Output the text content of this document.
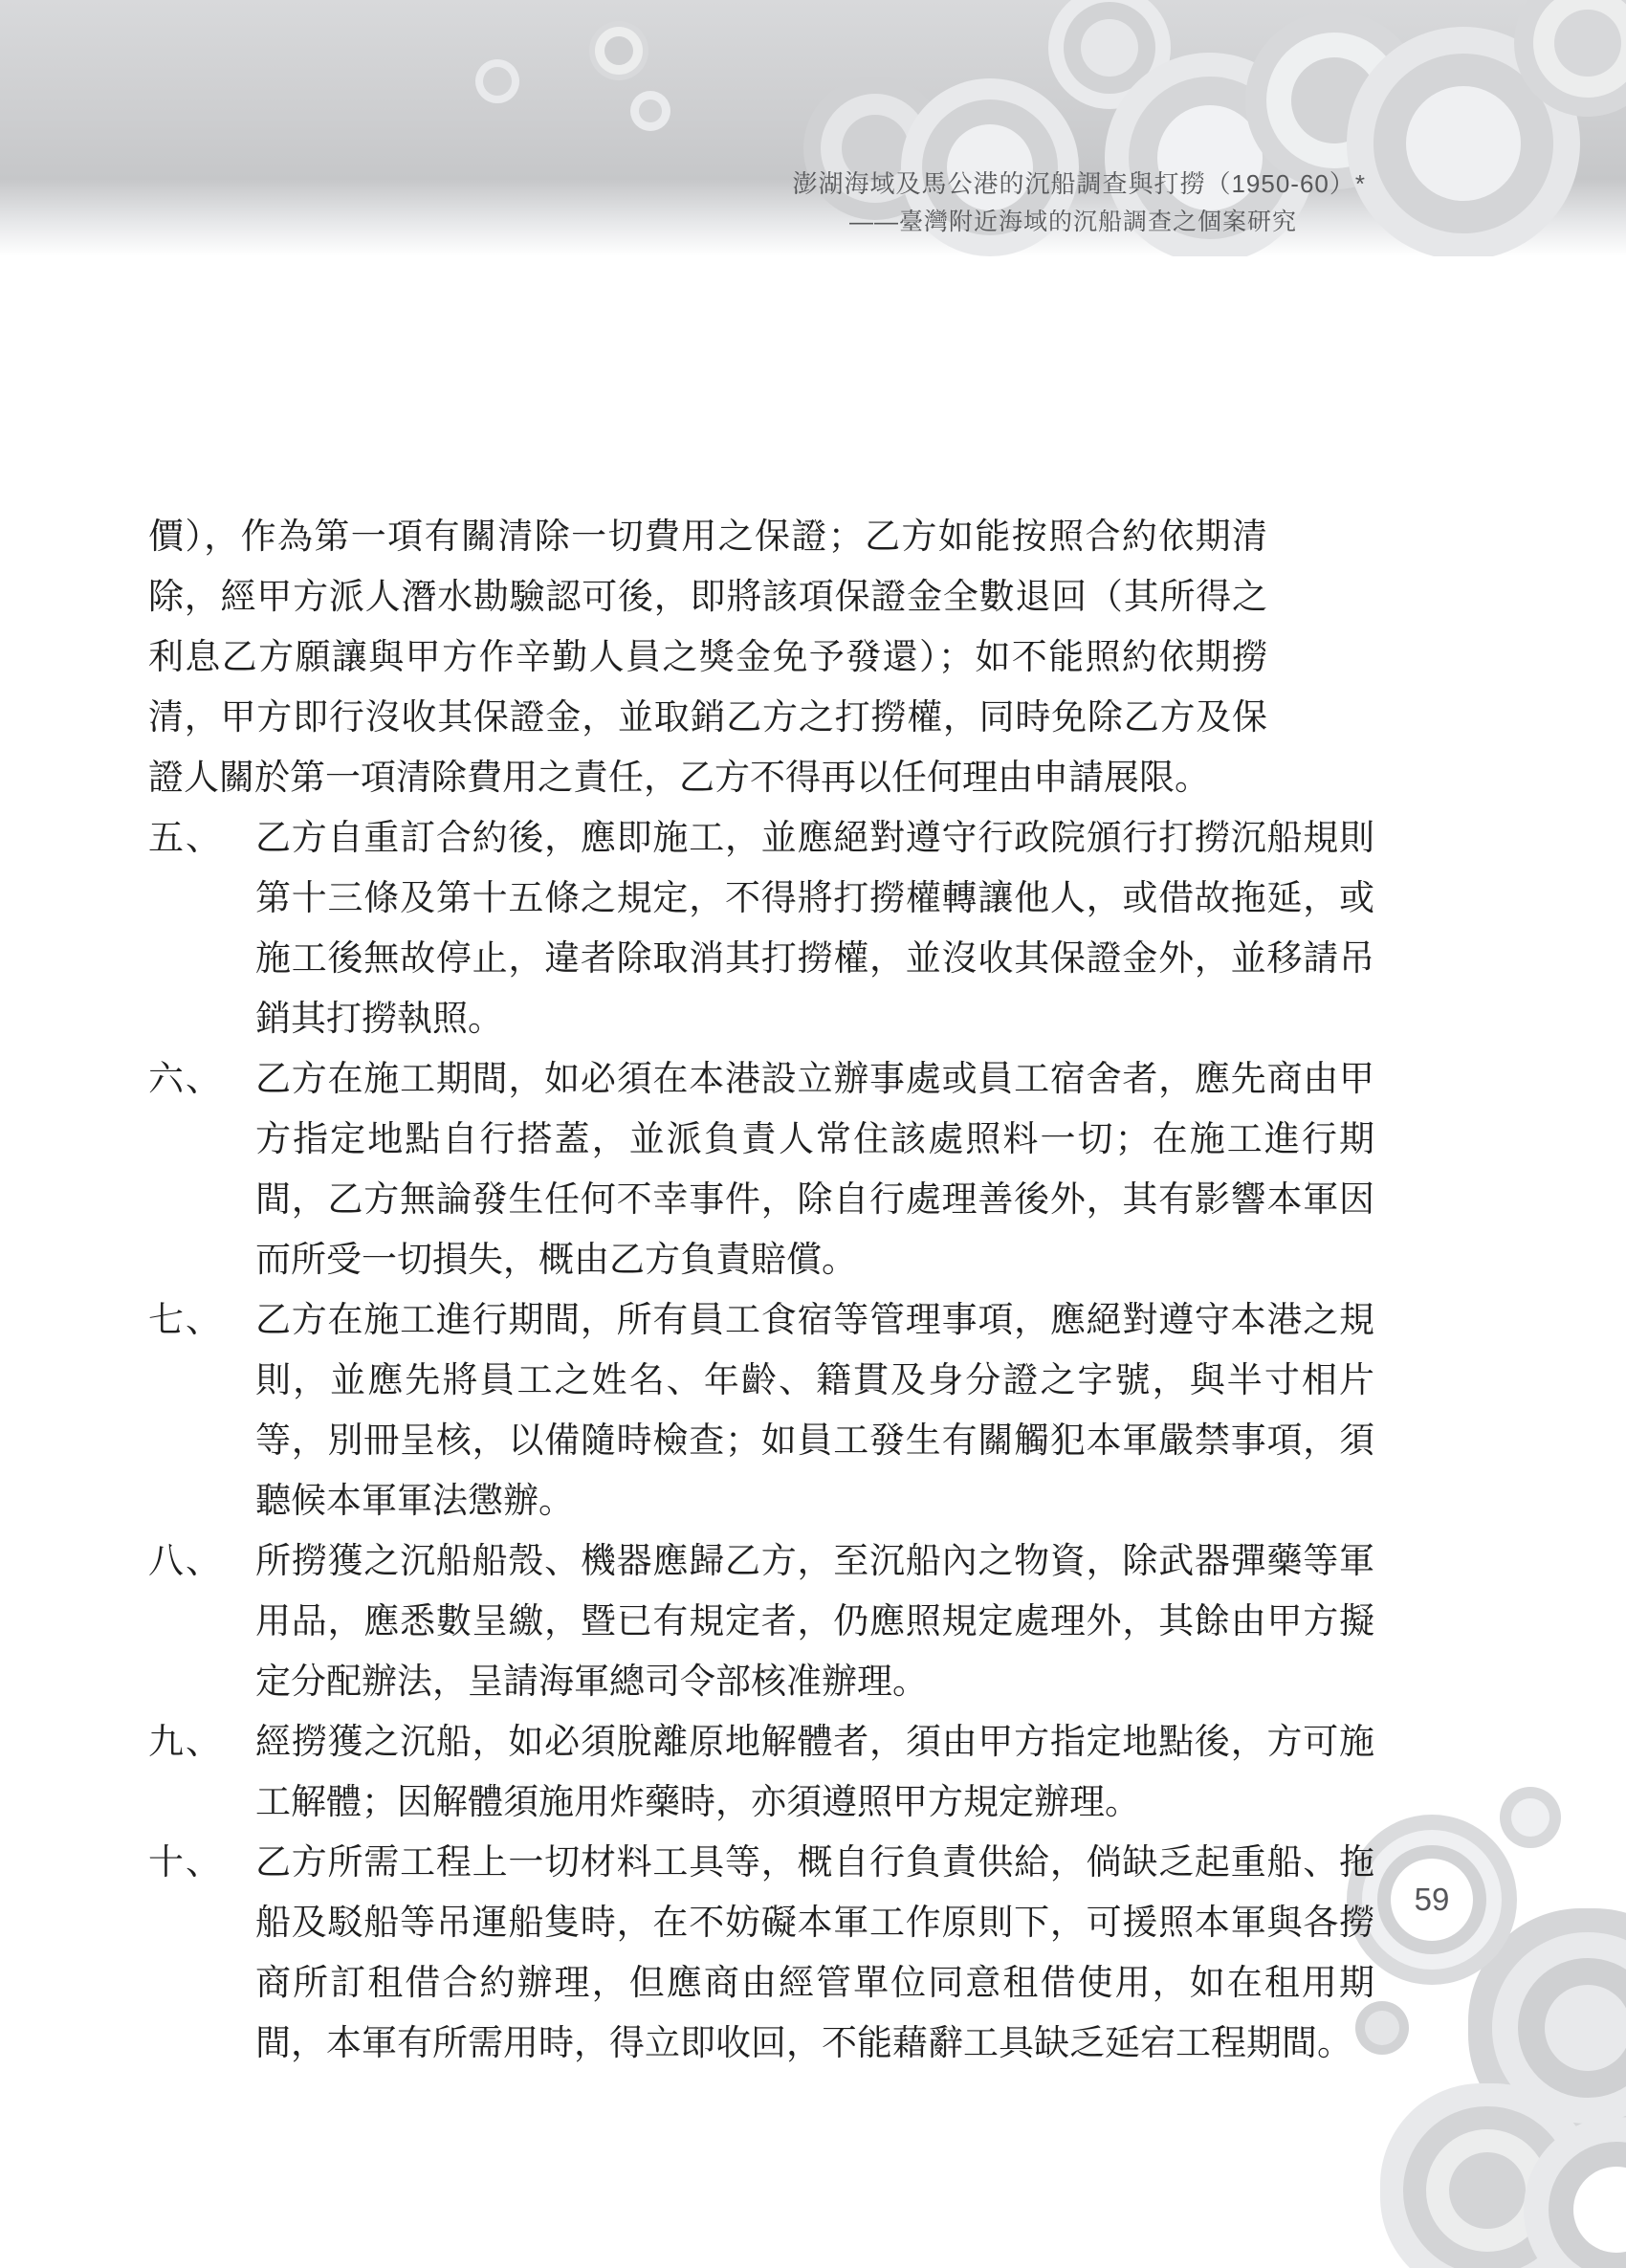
澎湖海域及馬公港的沉船調查與打撈（1950-60）*
――臺灣附近海域的沉船調查之個案研究

價），作為第一項有關清除一切費用之保證；乙方如能按照合約依期清除，經甲方派人潛水勘驗認可後，即將該項保證金全數退回（其所得之利息乙方願讓與甲方作辛勤人員之獎金免予發還）；如不能照約依期撈清，甲方即行沒收其保證金，並取銷乙方之打撈權，同時免除乙方及保證人關於第一項清除費用之責任，乙方不得再以任何理由申請展限。

五、 乙方自重訂合約後，應即施工，並應絕對遵守行政院頒行打撈沉船規則第十三條及第十五條之規定，不得將打撈權轉讓他人，或借故拖延，或施工後無故停止，違者除取消其打撈權，並沒收其保證金外，並移請吊銷其打撈執照。
六、 乙方在施工期間，如必須在本港設立辦事處或員工宿舍者，應先商由甲方指定地點自行搭蓋，並派負責人常住該處照料一切；在施工進行期間，乙方無論發生任何不幸事件，除自行處理善後外，其有影響本軍因而所受一切損失，概由乙方負責賠償。
七、 乙方在施工進行期間，所有員工食宿等管理事項，應絕對遵守本港之規則，並應先將員工之姓名、年齡、籍貫及身分證之字號，與半寸相片等，別冊呈核，以備隨時檢查；如員工發生有關觸犯本軍嚴禁事項，須聽候本軍軍法懲辦。
八、 所撈獲之沉船船殼、機器應歸乙方，至沉船內之物資，除武器彈藥等軍用品，應悉數呈繳，暨已有規定者，仍應照規定處理外，其餘由甲方擬定分配辦法，呈請海軍總司令部核准辦理。
九、 經撈獲之沉船，如必須脫離原地解體者，須由甲方指定地點後，方可施工解體；因解體須施用炸藥時，亦須遵照甲方規定辦理。
十、 乙方所需工程上一切材料工具等，概自行負責供給，倘缺乏起重船、拖船及駁船等吊運船隻時，在不妨礙本軍工作原則下，可援照本軍與各撈商所訂租借合約辦理，但應商由經管單位同意租借使用，如在租用期間，本軍有所需用時，得立即收回，不能藉辭工具缺乏延宕工程期間。
59
